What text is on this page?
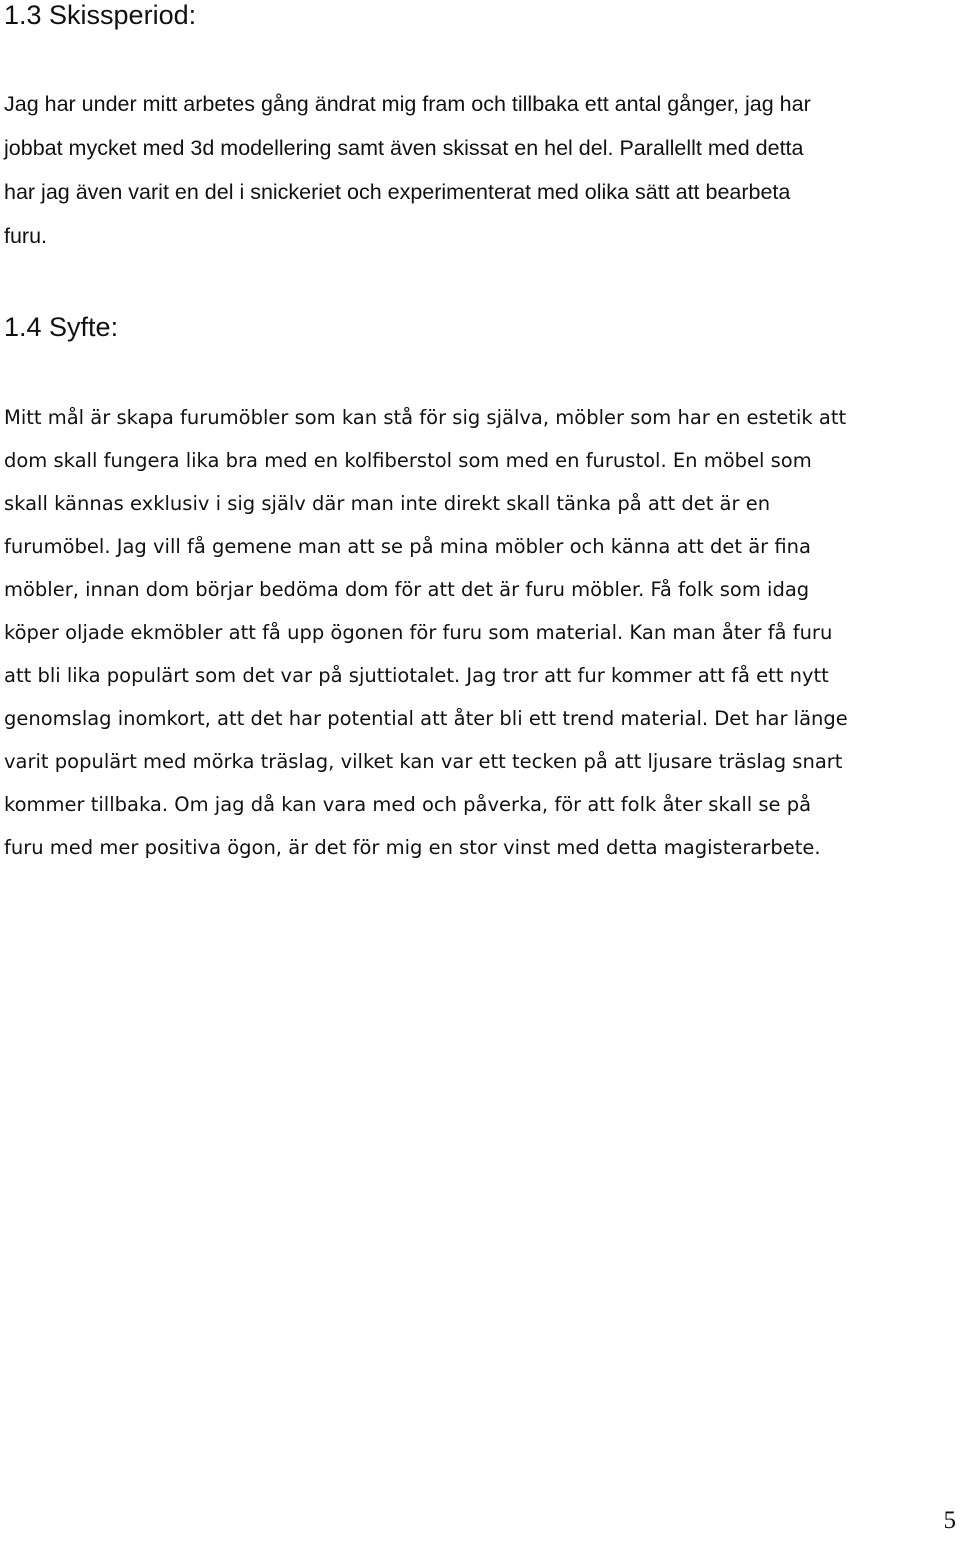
1.3 Skissperiod:

Jag har under mitt arbetes gång ändrat mig fram och tillbaka ett antal gånger, jag har
jobbat mycket med 3d modellering samt även skissat en hel del. Parallellt med detta
har jag även varit en del i snickeriet och experimenterat med olika sätt att bearbeta
furu.

1.4 Syfte:

Mitt mål är skapa furumöbler som kan stå för sig själva, möbler som har en estetik att
dom skall fungera lika bra med en kolfiberstol som med en furustol. En möbel som
skall kännas exklusiv i sig själv där man inte direkt skall tänka på att det är en
furumöbel. Jag vill få gemene man att se på mina möbler och känna att det är fina
möbler, innan dom börjar bedöma dom för att det är furu möbler. Få folk som idag
köper oljade ekmöbler att få upp ögonen för furu som material. Kan man åter få furu
att bli lika populärt som det var på sjuttiotalet. Jag tror att fur kommer att få ett nytt
genomslag inomkort, att det har potential att åter bli ett trend material. Det har länge
varit populärt med mörka träslag, vilket kan var ett tecken på att ljusare träslag snart
kommer tillbaka. Om jag då kan vara med och påverka, för att folk åter skall se på
furu med mer positiva ögon, är det för mig en stor vinst med detta magisterarbete.

5
